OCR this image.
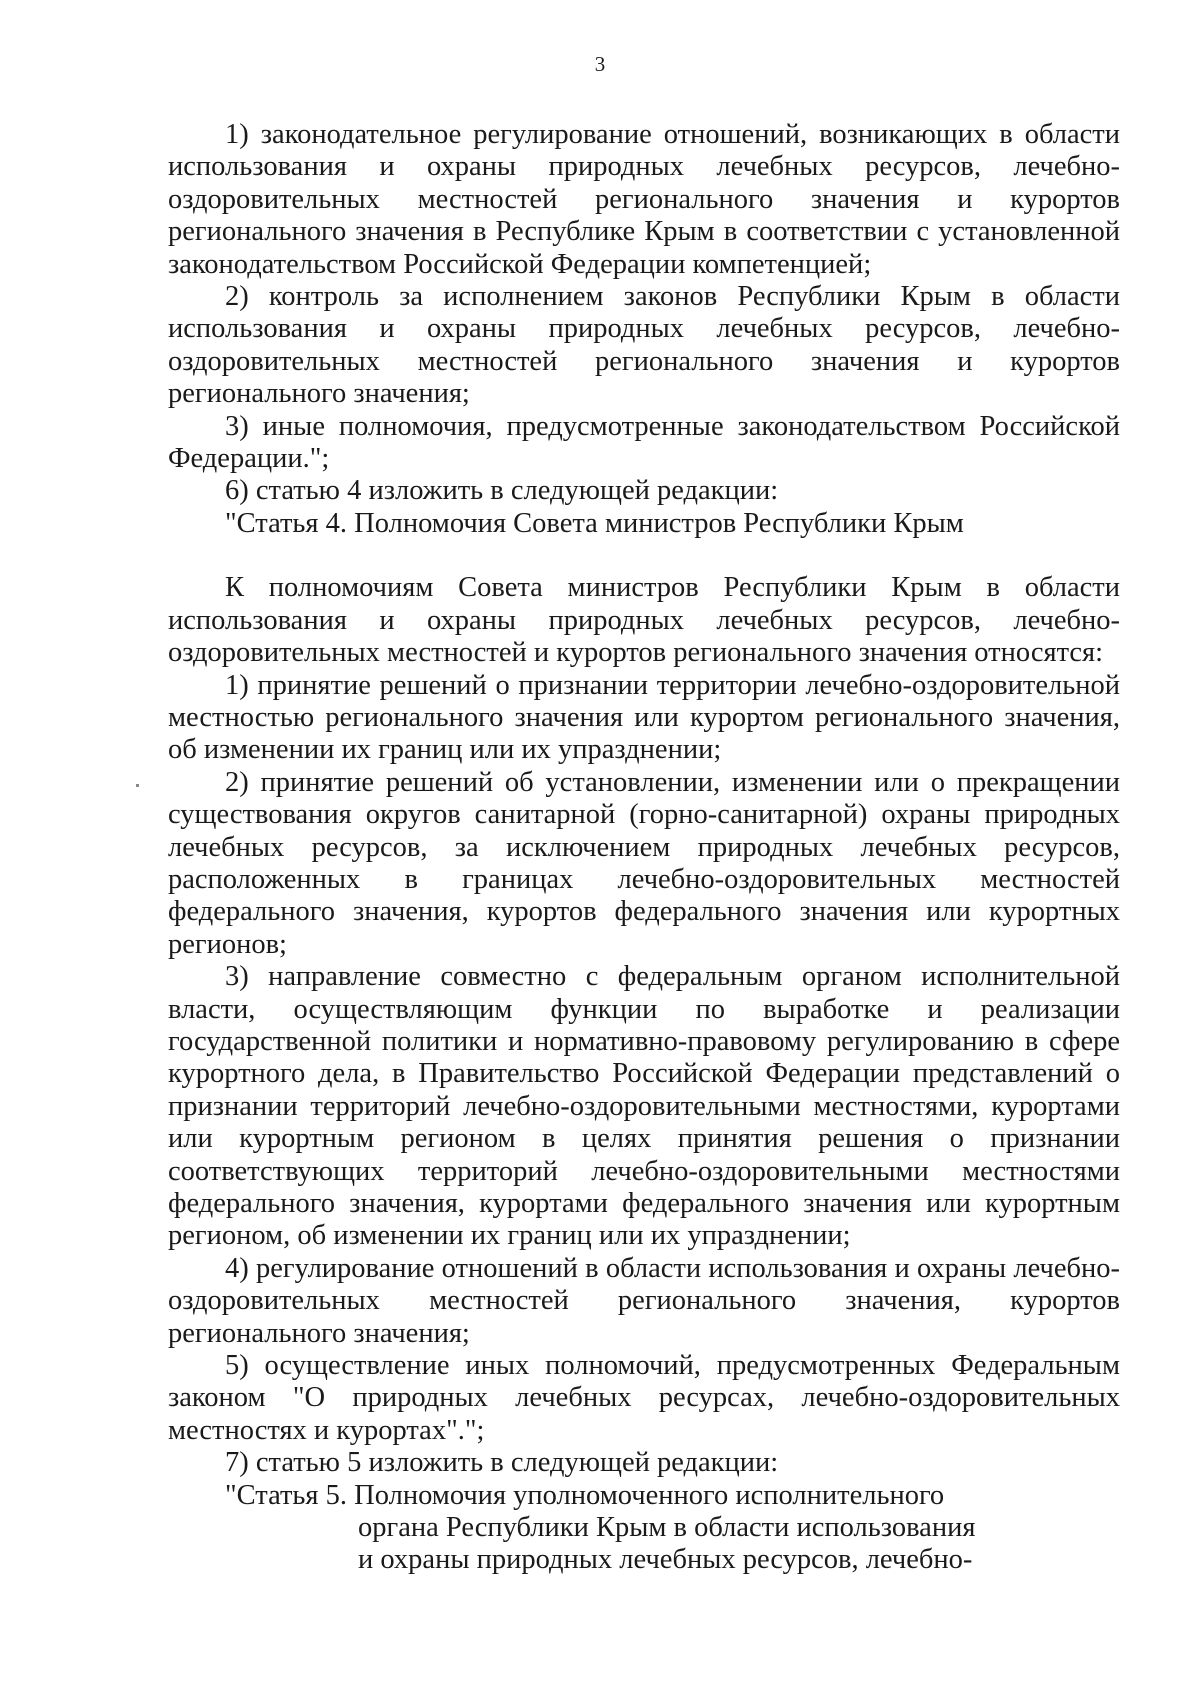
3

1) законодательное регулирование отношений, возникающих в области использования и охраны природных лечебных ресурсов, лечебно-оздоровительных местностей регионального значения и курортов регионального значения в Республике Крым в соответствии с установленной законодательством Российской Федерации компетенцией;

2) контроль за исполнением законов Республики Крым в области использования и охраны природных лечебных ресурсов, лечебно-оздоровительных местностей регионального значения и курортов регионального значения;

3) иные полномочия, предусмотренные законодательством Российской Федерации.";

6) статью 4 изложить в следующей редакции:

"Статья 4. Полномочия Совета министров Республики Крым

К полномочиям Совета министров Республики Крым в области использования и охраны природных лечебных ресурсов, лечебно-оздоровительных местностей и курортов регионального значения относятся:

1) принятие решений о признании территории лечебно-оздоровительной местностью регионального значения или курортом регионального значения, об изменении их границ или их упразднении;

2) принятие решений об установлении, изменении или о прекращении существования округов санитарной (горно-санитарной) охраны природных лечебных ресурсов, за исключением природных лечебных ресурсов, расположенных в границах лечебно-оздоровительных местностей федерального значения, курортов федерального значения или курортных регионов;

3) направление совместно с федеральным органом исполнительной власти, осуществляющим функции по выработке и реализации государственной политики и нормативно-правовому регулированию в сфере курортного дела, в Правительство Российской Федерации представлений о признании территорий лечебно-оздоровительными местностями, курортами или курортным регионом в целях принятия решения о признании соответствующих территорий лечебно-оздоровительными местностями федерального значения, курортами федерального значения или курортным регионом, об изменении их границ или их упразднении;

4) регулирование отношений в области использования и охраны лечебно-оздоровительных местностей регионального значения, курортов регионального значения;

5) осуществление иных полномочий, предусмотренных Федеральным законом "О природных лечебных ресурсах, лечебно-оздоровительных местностях и курортах".";

7) статью 5 изложить в следующей редакции:

"Статья 5. Полномочия уполномоченного исполнительного

органа Республики Крым в области использования

и охраны природных лечебных ресурсов, лечебно-
